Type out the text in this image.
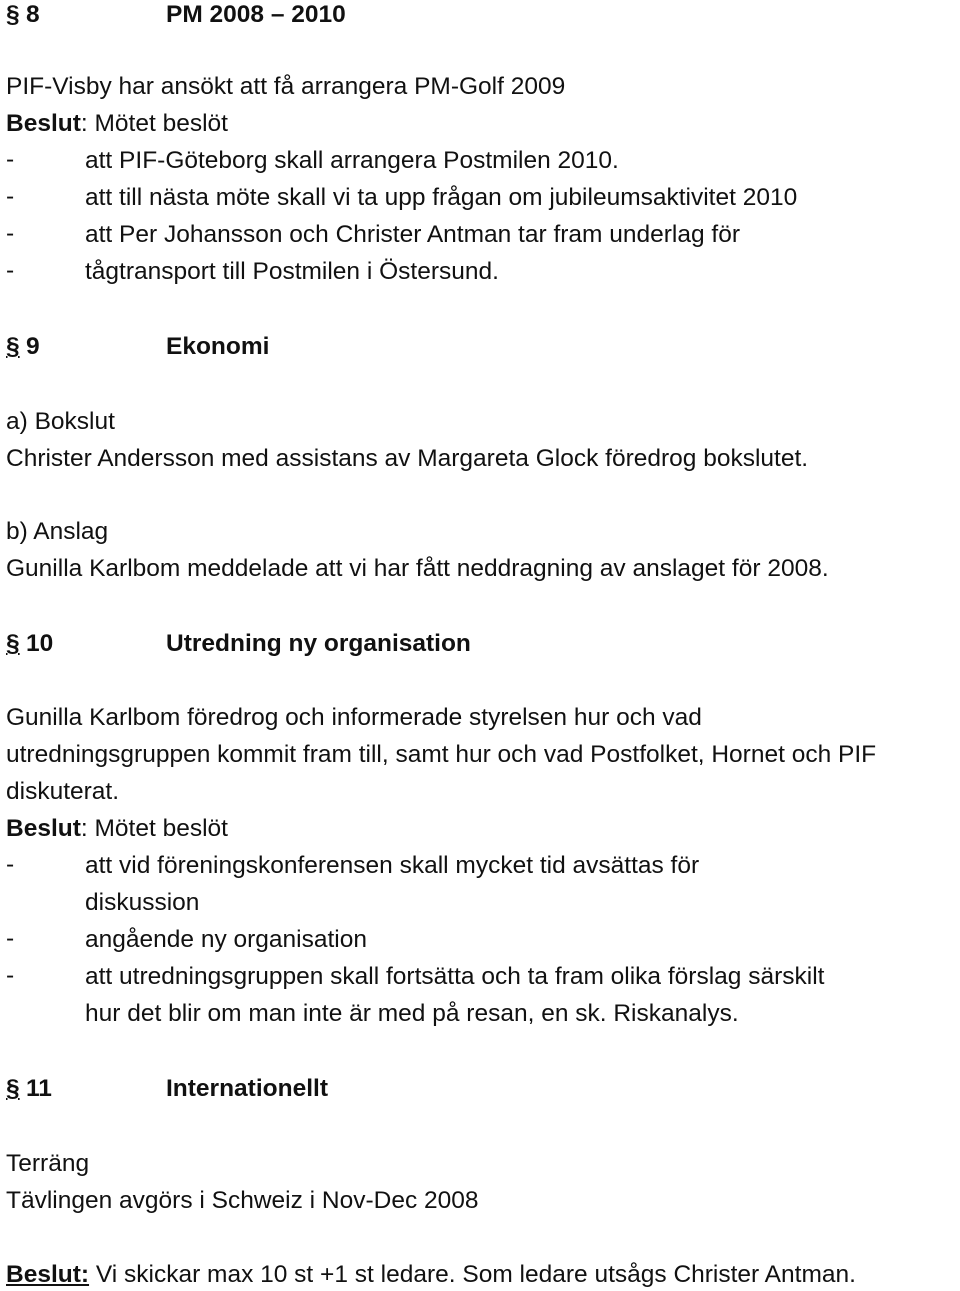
§ 8	PM 2008 – 2010
PIF-Visby har ansökt att få arrangera PM-Golf 2009
Beslut: Mötet beslöt
-	att PIF-Göteborg skall arrangera Postmilen 2010.
-	att till nästa möte skall vi ta upp frågan om jubileumsaktivitet 2010
-	att Per Johansson och Christer Antman tar fram underlag för
-	tågtransport till Postmilen i Östersund.
§ 9	Ekonomi
a) Bokslut
Christer Andersson med assistans av Margareta Glock föredrog bokslutet.
b) Anslag
Gunilla Karlbom meddelade att vi har fått neddragning av anslaget för 2008.
§ 10	Utredning ny organisation
Gunilla Karlbom föredrog och informerade styrelsen hur och vad
utredningsgruppen kommit fram till, samt hur och vad Postfolket, Hornet och PIF
diskuterat.
Beslut: Mötet beslöt
-	att vid föreningskonferensen skall mycket tid avsättas för
diskussion
-	angående ny organisation
-	att utredningsgruppen skall fortsätta och ta fram olika förslag särskilt
hur det blir om man inte är med på resan, en sk. Riskanalys.
§ 11	Internationellt
Terräng
Tävlingen avgörs i Schweiz i Nov-Dec 2008
Beslut: Vi skickar max 10 st +1 st ledare. Som ledare utsågs Christer Antman.
